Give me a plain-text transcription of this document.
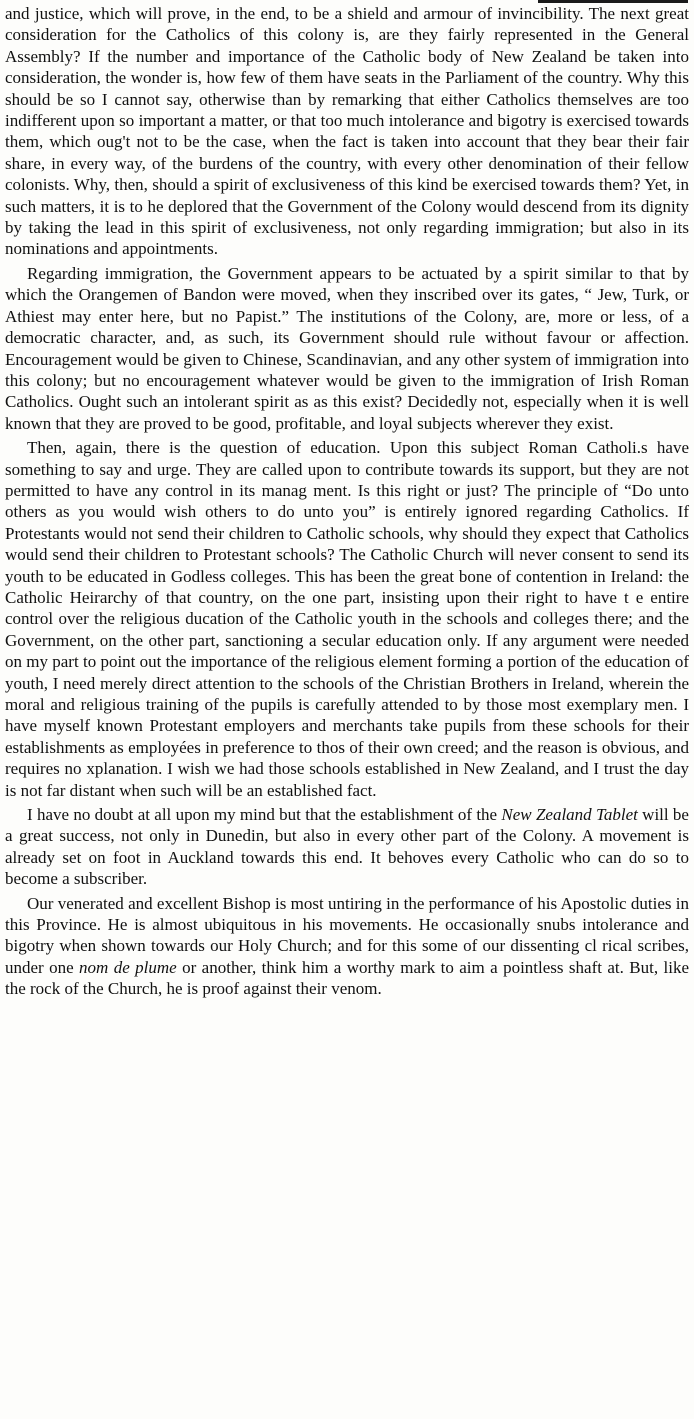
and justice, which will prove, in the end, to be a shield and armour of invincibility. The next great consideration for the Catholics of this colony is, are they fairly represented in the General Assembly? If the number and importance of the Catholic body of New Zealand be taken into consideration, the wonder is, how few of them have seats in the Parliament of the country. Why this should be so I cannot say, otherwise than by remarking that either Catholics themselves are too indifferent upon so important a matter, or that too much intolerance and bigotry is exercised towards them, which oug't not to be the case, when the fact is taken into account that they bear their fair share, in every way, of the burdens of the country, with every other denomination of their fellow colonists. Why, then, should a spirit of exclusiveness of this kind be exercised towards them? Yet, in such matters, it is to he deplored that the Government of the Colony would descend from its dignity by taking the lead in this spirit of exclusiveness, not only regarding immigration; but also in its nominations and appointments.

Regarding immigration, the Government appears to be actuated by a spirit similar to that by which the Orangemen of Bandon were moved, when they inscribed over its gates, “ Jew, Turk, or Athiest may enter here, but no Papist.” The institutions of the Colony, are, more or less, of a democratic character, and, as such, its Government should rule without favour or affection. Encouragement would be given to Chinese, Scandinavian, and any other system of immigration into this colony; but no encouragement whatever would be given to the immigration of Irish Roman Catholics. Ought such an intolerant spirit as as this exist? Decidedly not, especially when it is well known that they are proved to be good, profitable, and loyal subjects wherever they exist.

Then, again, there is the question of education. Upon this subject Roman Catholi.s have something to say and urge. They are called upon to contribute towards its support, but they are not permitted to have any control in its manag ment. Is this right or just? The principle of “Do unto others as you would wish others to do unto you” is entirely ignored regarding Catholics. If Protestants would not send their children to Catholic schools, why should they expect that Catholics would send their children to Protestant schools? The Catholic Church will never consent to send its youth to be educated in Godless colleges. This has been the great bone of contention in Ireland: the Catholic Heirarchy of that country, on the one part, insisting upon their right to have t e entire control over the religious ducation of the Catholic youth in the schools and colleges there; and the Government, on the other part, sanctioning a secular education only. If any argument were needed on my part to point out the importance of the religious element forming a portion of the education of youth, I need merely direct attention to the schools of the Christian Brothers in Ireland, wherein the moral and religious training of the pupils is carefully attended to by those most exemplary men. I have myself known Protestant employers and merchants take pupils from these schools for their establishments as employées in preference to thos of their own creed; and the reason is obvious, and requires no xplanation. I wish we had those schools established in New Zealand, and I trust the day is not far distant when such will be an established fact.

I have no doubt at all upon my mind but that the establishment of the New Zealand Tablet will be a great success, not only in Dunedin, but also in every other part of the Colony. A movement is already set on foot in Auckland towards this end. It behoves every Catholic who can do so to become a subscriber.

Our venerated and excellent Bishop is most untiring in the performance of his Apostolic duties in this Province. He is almost ubiquitous in his movements. He occasionally snubs intolerance and bigotry when shown towards our Holy Church; and for this some of our dissenting cl rical scribes, under one nom de plume or another, think him a worthy mark to aim a pointless shaft at. But, like the rock of the Church, he is proof against their venom.
